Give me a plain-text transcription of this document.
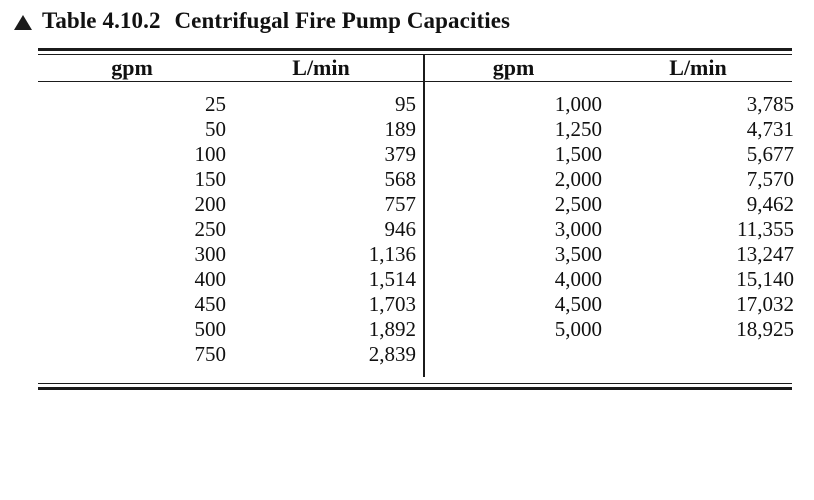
Table 4.10.2 Centrifugal Fire Pump Capacities
gpm	L/min		gpm	L/min

25	95		1,000	3,785
50	189		1,250	4,731
100	379		1,500	5,677
150	568		2,000	7,570
200	757		2,500	9,462
250	946		3,000	11,355
300	1,136		3,500	13,247
400	1,514		4,000	15,140
450	1,703		4,500	17,032
500	1,892		5,000	18,925
750	2,839			
